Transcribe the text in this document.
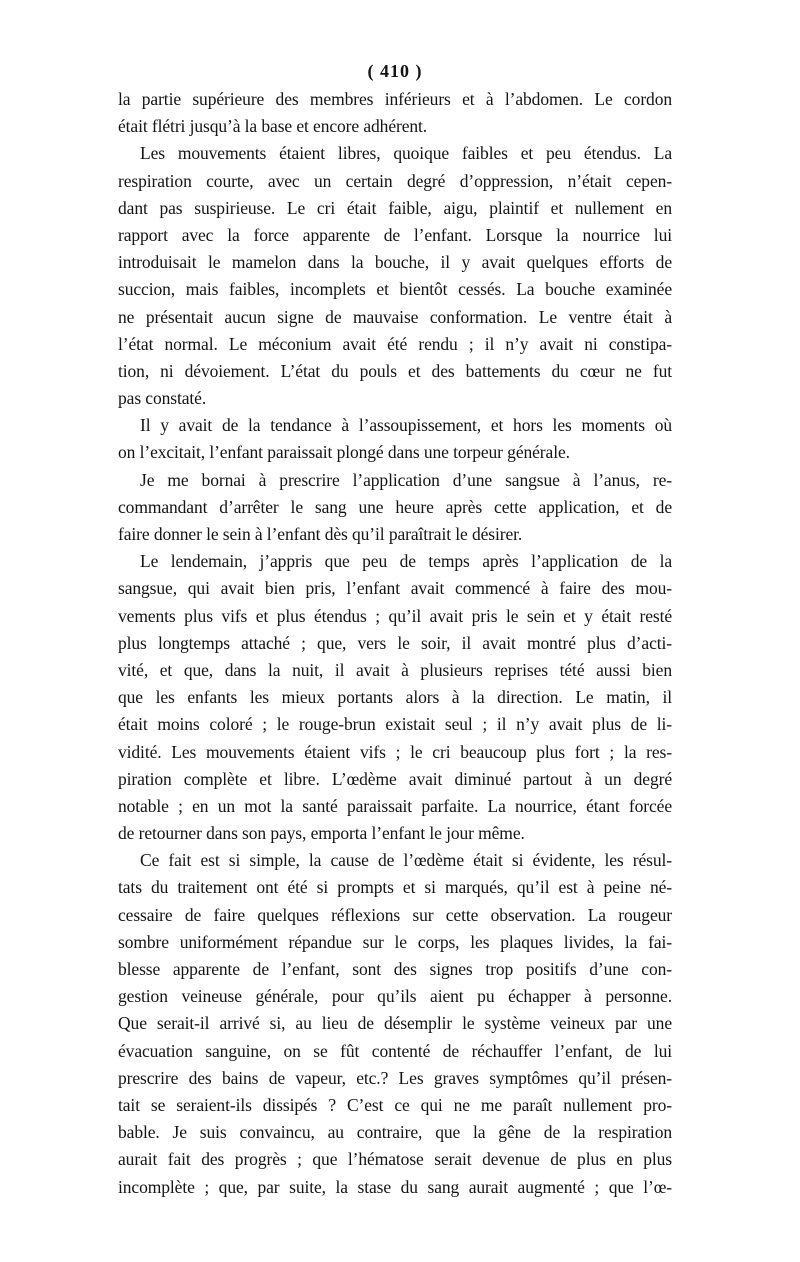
( 410 )
la partie supérieure des membres inférieurs et à l’abdomen. Le cordon
était flétri jusqu’à la base et encore adhérent.
Les mouvements étaient libres, quoique faibles et peu étendus. La
respiration courte, avec un certain degré d’oppression, n’était cepen-
dant pas suspirieuse. Le cri était faible, aigu, plaintif et nullement en
rapport avec la force apparente de l’enfant. Lorsque la nourrice lui
introduisait le mamelon dans la bouche, il y avait quelques efforts de
succion, mais faibles, incomplets et bientôt cessés. La bouche examinée
ne présentait aucun signe de mauvaise conformation. Le ventre était à
l’état normal. Le méconium avait été rendu ; il n’y avait ni constipa-
tion, ni dévoiement. L’état du pouls et des battements du cœur ne fut
pas constaté.
Il y avait de la tendance à l’assoupissement, et hors les moments où
on l’excitait, l’enfant paraissait plongé dans une torpeur générale.
Je me bornai à prescrire l’application d’une sangsue à l’anus, re-
commandant d’arrêter le sang une heure après cette application, et de
faire donner le sein à l’enfant dès qu’il paraîtrait le désirer.
Le lendemain, j’appris que peu de temps après l’application de la
sangsue, qui avait bien pris, l’enfant avait commencé à faire des mou-
vements plus vifs et plus étendus ; qu’il avait pris le sein et y était resté
plus longtemps attaché ; que, vers le soir, il avait montré plus d’acti-
vité, et que, dans la nuit, il avait à plusieurs reprises tété aussi bien
que les enfants les mieux portants alors à la direction. Le matin, il
était moins coloré ; le rouge-brun existait seul ; il n’y avait plus de li-
vidité. Les mouvements étaient vifs ; le cri beaucoup plus fort ; la res-
piration complète et libre. L’œdème avait diminué partout à un degré
notable ; en un mot la santé paraissait parfaite. La nourrice, étant forcée
de retourner dans son pays, emporta l’enfant le jour même.
Ce fait est si simple, la cause de l’œdème était si évidente, les résul-
tats du traitement ont été si prompts et si marqués, qu’il est à peine né-
cessaire de faire quelques réflexions sur cette observation. La rougeur
sombre uniformément répandue sur le corps, les plaques livides, la fai-
blesse apparente de l’enfant, sont des signes trop positifs d’une con-
gestion veineuse générale, pour qu’ils aient pu échapper à personne.
Que serait-il arrivé si, au lieu de désemplir le système veineux par une
évacuation sanguine, on se fût contenté de réchauffer l’enfant, de lui
prescrire des bains de vapeur, etc.? Les graves symptômes qu’il présen-
tait se seraient-ils dissipés ? C’est ce qui ne me paraît nullement pro-
bable. Je suis convaincu, au contraire, que la gêne de la respiration
aurait fait des progrès ; que l’hématose serait devenue de plus en plus
incomplète ; que, par suite, la stase du sang aurait augmenté ; que l’œ-
